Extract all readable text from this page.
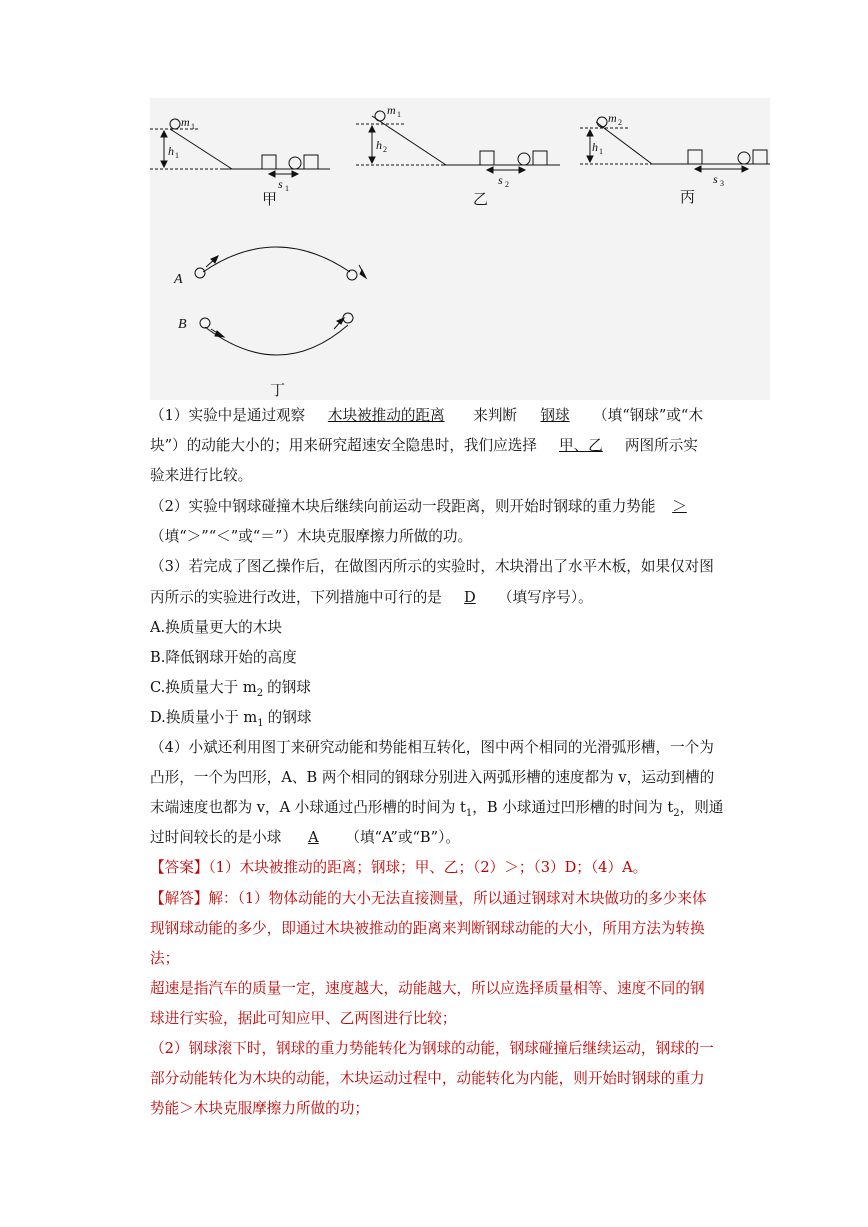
m 1
h 1
s 1
甲
m 1
h 2
s 2
乙
m 2
h 1
s 3
丙
A
B
丁
（1）实验中是通过观察 木块被推动的距离 来判断 钢球 （填“钢球”或“木
块”）的动能大小的；用来研究超速安全隐患时，我们应选择 甲、乙 两图所示实
验来进行比较。
（2）实验中钢球碰撞木块后继续向前运动一段距离，则开始时钢球的重力势能 ＞
（填“＞”“＜”或“＝”）木块克服摩擦力所做的功。
（3）若完成了图乙操作后，在做图丙所示的实验时，木块滑出了水平木板，如果仅对图
丙所示的实验进行改进，下列措施中可行的是 D （填写序号）。
A.换质量更大的木块
B.降低钢球开始的高度
C.换质量大于 $m_2$ 的钢球
D.换质量小于 $m_1$ 的钢球
（4）小斌还利用图丁来研究动能和势能相互转化，图中两个相同的光滑弧形槽，一个为
凸形，一个为凹形，A、B 两个相同的钢球分别进入两弧形槽的速度都为 v，运动到槽的
末端速度也都为 v，A 小球通过凸形槽的时间为 $t_1$，B 小球通过凹形槽的时间为 $t_2$，则通
过时间较长的是小球 A （填“A”或“B”）。
【答案】（1）木块被推动的距离；钢球；甲、乙；（2）＞；（3）D；（4）A。
【解答】解：（1）物体动能的大小无法直接测量，所以通过钢球对木块做功的多少来体
现钢球动能的多少，即通过木块被推动的距离来判断钢球动能的大小，所用方法为转换
法；
超速是指汽车的质量一定，速度越大，动能越大，所以应选择质量相等、速度不同的钢
球进行实验，据此可知应甲、乙两图进行比较；
（2）钢球滚下时，钢球的重力势能转化为钢球的动能，钢球碰撞后继续运动，钢球的一
部分动能转化为木块的动能，木块运动过程中，动能转化为内能，则开始时钢球的重力
势能＞木块克服摩擦力所做的功；
